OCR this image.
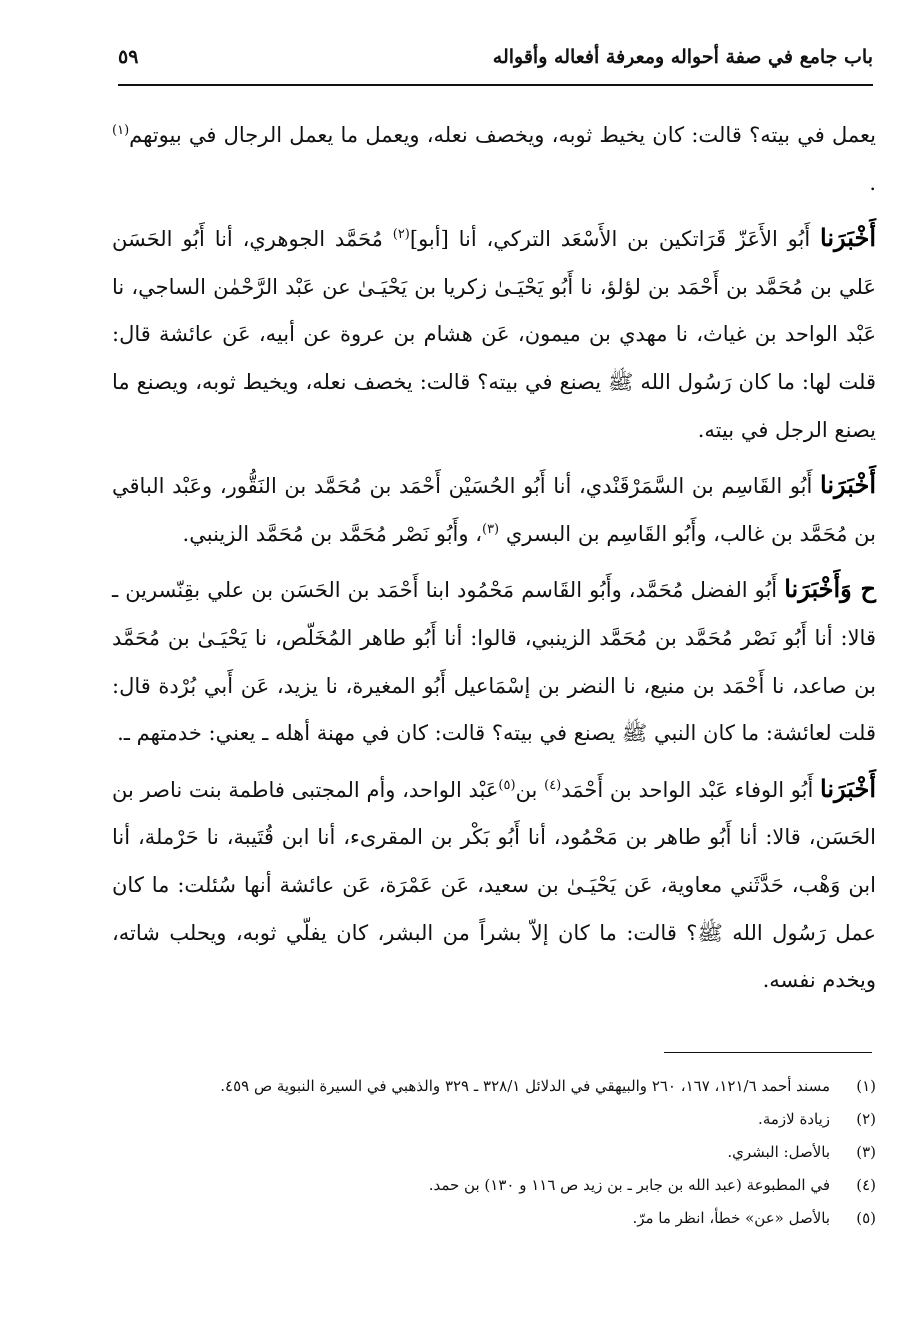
باب جامع في صفة أحواله ومعرفة أفعاله وأقواله
٥٩

يعمل في بيته؟ قالت: كان يخيط ثوبه، ويخصف نعله، ويعمل ما يعمل الرجال في بيوتهم$^{(١)}$ .

أَخْبَرَنا أَبُو الأَعَزّ قَرَاتكين بن الأَسْعَد التركي، أنا [أبو]$^{(٢)}$ مُحَمَّد الجوهري، أنا أَبُو الحَسَن عَلي بن مُحَمَّد بن أَحْمَد بن لؤلؤ، نا أَبُو يَحْيَـىٰ زكريا بن يَحْيَـىٰ عن عَبْد الرَّحْمٰن الساجي، نا عَبْد الواحد بن غياث، نا مهدي بن ميمون، عَن هشام بن عروة عن أبيه، عَن عائشة قال: قلت لها: ما كان رَسُول الله ﷺ يصنع في بيته؟ قالت: يخصف نعله، ويخيط ثوبه، ويصنع ما يصنع الرجل في بيته.

أَخْبَرَنا أَبُو القَاسِم بن السَّمَرْقَنْدي، أنا أَبُو الحُسَيْن أَحْمَد بن مُحَمَّد بن النَقُّور، وعَبْد الباقي بن مُحَمَّد بن غالب، وأَبُو القَاسِم بن البسري $^{(٣)}$، وأَبُو نَصْر مُحَمَّد بن مُحَمَّد الزينبي.

ح وَأَخْبَرَنا أَبُو الفضل مُحَمَّد، وأَبُو القَاسم مَحْمُود ابنا أَحْمَد بن الحَسَن بن علي بقِنّسرين ـ قالا: أنا أَبُو نَصْر مُحَمَّد بن مُحَمَّد الزينبي، قالوا: أنا أَبُو طاهر المُخَلّص، نا يَحْيَـىٰ بن مُحَمَّد بن صاعد، نا أَحْمَد بن منيع، نا النضر بن إسْمَاعيل أَبُو المغيرة، نا يزيد، عَن أَبي بُرْدة قال: قلت لعائشة: ما كان النبي ﷺ يصنع في بيته؟ قالت: كان في مهنة أهله ـ يعني: خدمتهم ـ.

أَخْبَرَنا أَبُو الوفاء عَبْد الواحد بن أَحْمَد$^{(٤)}$ بن$^{(٥)}$عَبْد الواحد، وأم المجتبى فاطمة بنت ناصر بن الحَسَن، قالا: أنا أَبُو طاهر بن مَحْمُود، أنا أَبُو بَكْر بن المقرىء، أنا ابن قُتَيبة، نا حَرْملة، أنا ابن وَهْب، حَدَّثَني معاوية، عَن يَحْيَـىٰ بن سعيد، عَن عَمْرَة، عَن عائشة أنها سُئلت: ما كان عمل رَسُول الله ﷺ؟ قالت: ما كان إلاّ بشراً من البشر، كان يفلّي ثوبه، ويحلب شاته، ويخدم نفسه.

(١)
مسند أحمد ١٢١/٦، ١٦٧، ٢٦٠ والبيهقي في الدلائل ٣٢٨/١ ـ ٣٢٩ والذهبي في السيرة النبوية ص ٤٥٩.
(٢)
زيادة لازمة.
(٣)
بالأصل: البشري.
(٤)
في المطبوعة (عبد الله بن جابر ـ بن زيد ص ١١٦ و ١٣٠) بن حمد.
(٥)
بالأصل «عن» خطأ، انظر ما مرّ.
